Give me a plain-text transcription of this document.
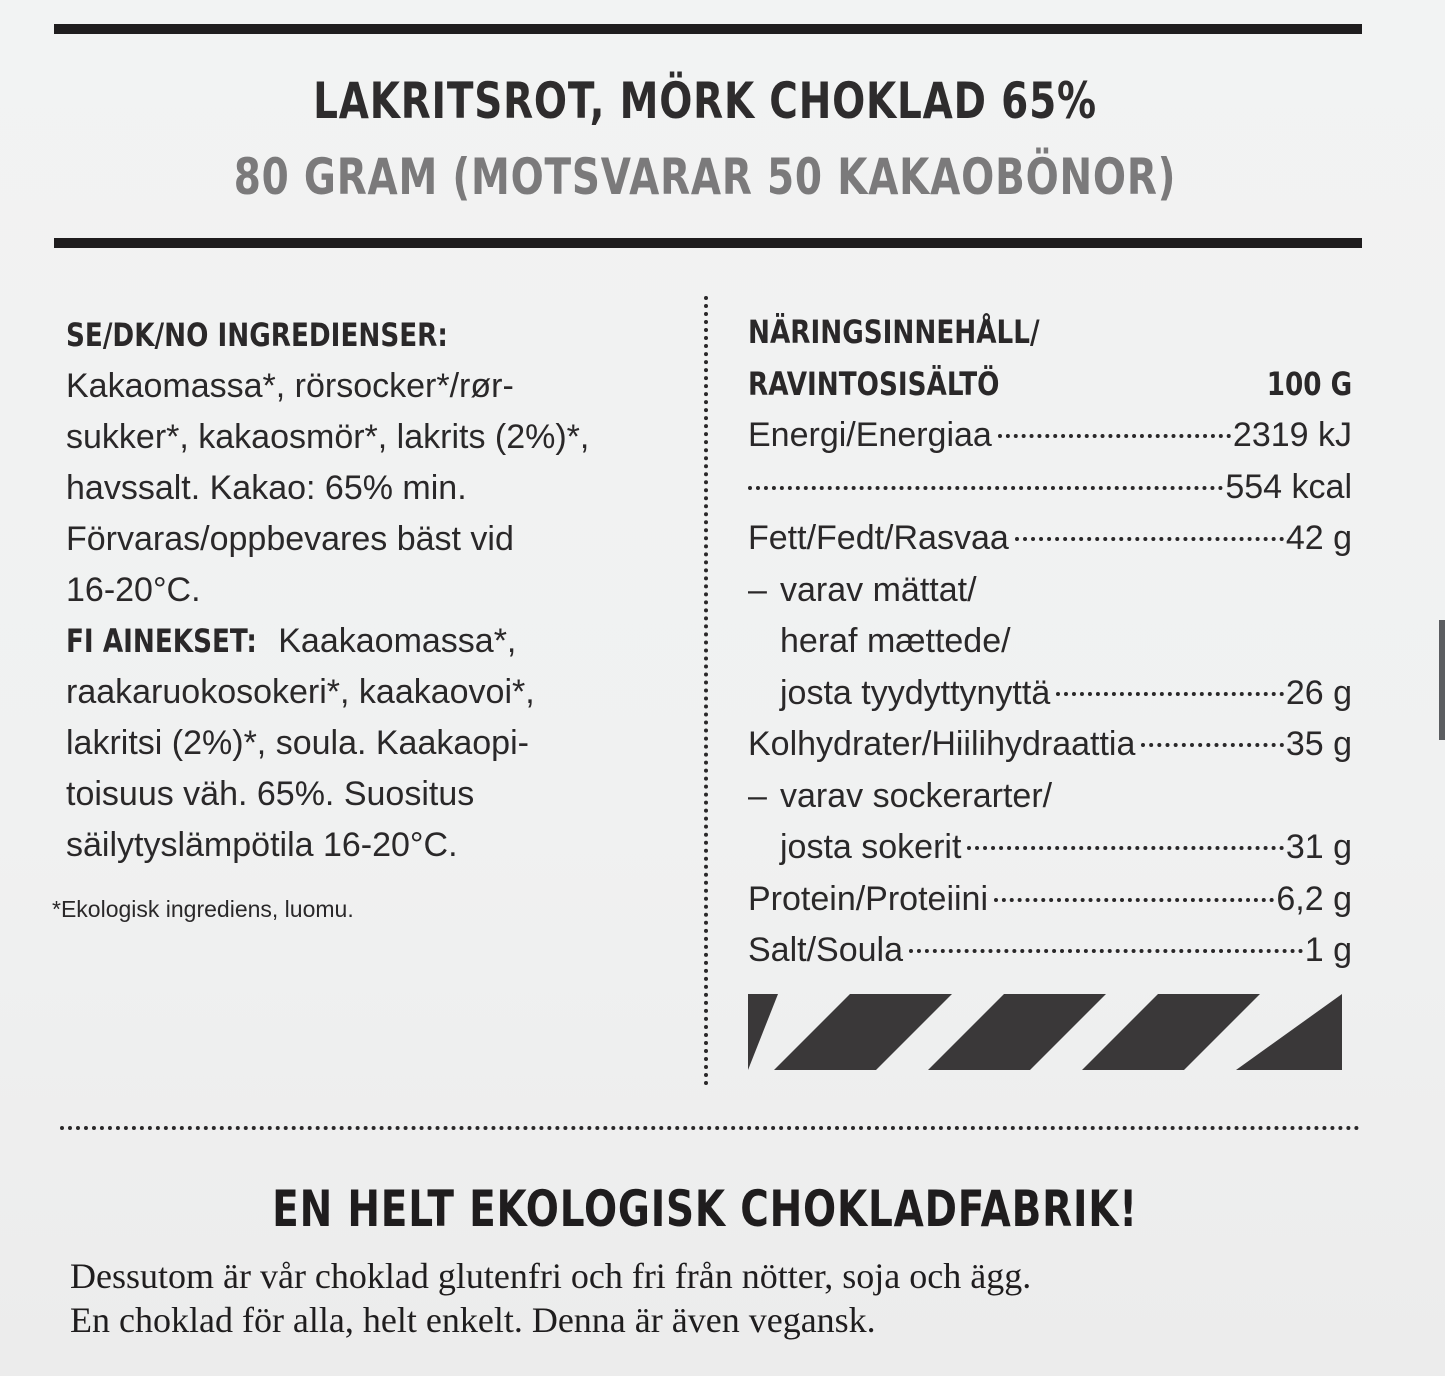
LAKRITSROT, MÖRK CHOKLAD 65%
80 GRAM (MOTSVARAR 50 KAKAOBÖNOR)
SE/DK/NO INGREDIENSER:
Kakaomassa*, rörsocker*/rør-
sukker*, kakaosmör*, lakrits (2%)*,
havssalt. Kakao: 65% min.
Förvaras/oppbevares bäst vid
16-20°C.
FI AINEKSET: Kaakaomassa*,
raakaruokosokeri*, kaakaovoi*,
lakritsi (2%)*, soula. Kaakaopi-
toisuus väh. 65%. Suositus
säilytyslämpötila 16-20°C.
*Ekologisk ingrediens, luomu.
NÄRINGSINNEHÅLL/
RAVINTOSISÄLTÖ	100 G
Energi/Energiaa	2319 kJ
554 kcal
Fett/Fedt/Rasvaa	42 g
– varav mättat/
heraf mættede/
josta tyydyttynyttä	26 g
Kolhydrater/Hiilihydraattia	35 g
– varav sockerarter/
josta sokerit	31 g
Protein/Proteiini	6,2 g
Salt/Soula	1 g
EN HELT EKOLOGISK CHOKLADFABRIK!
Dessutom är vår choklad glutenfri och fri från nötter, soja och ägg.
En choklad för alla, helt enkelt. Denna är även vegansk.
